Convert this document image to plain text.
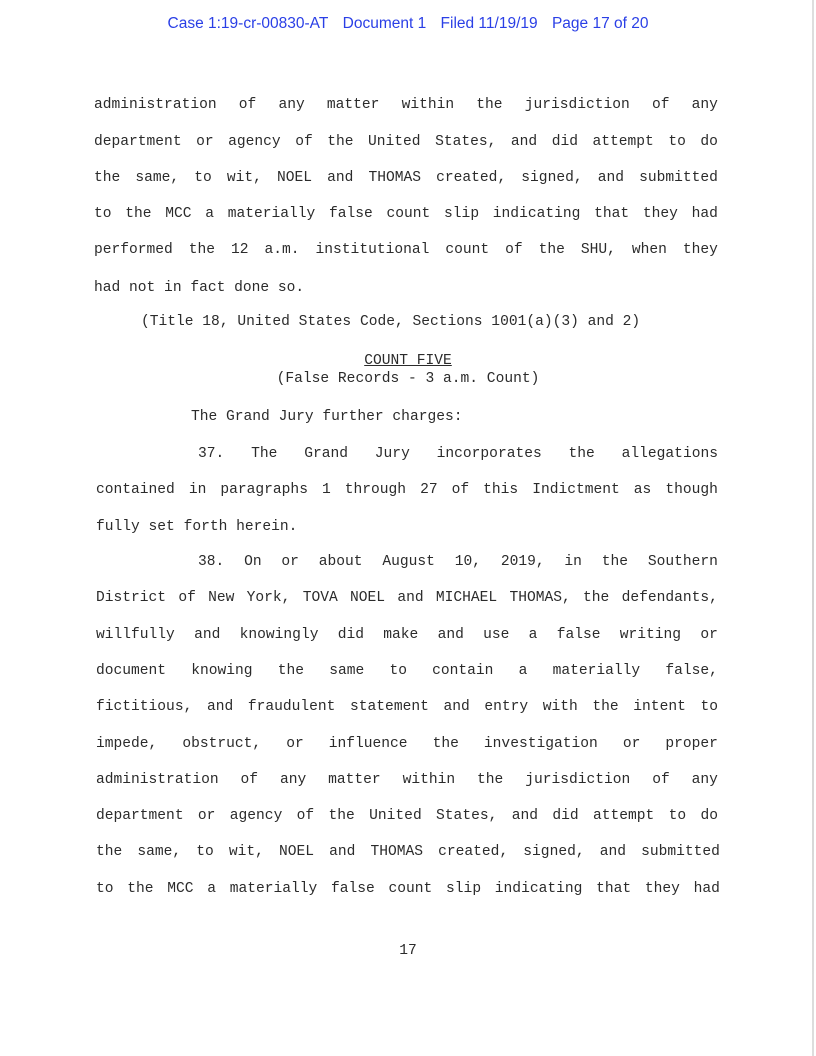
Case 1:19-cr-00830-AT Document 1 Filed 11/19/19 Page 17 of 20
administration of any matter within the jurisdiction of any
department or agency of the United States, and did attempt to do
the same, to wit, NOEL and THOMAS created, signed, and submitted
to the MCC a materially false count slip indicating that they had
performed the 12 a.m. institutional count of the SHU, when they
had not in fact done so.
(Title 18, United States Code, Sections 1001(a)(3) and 2)
COUNT FIVE
(False Records - 3 a.m. Count)
The Grand Jury further charges:
37. The Grand Jury incorporates the allegations
contained in paragraphs 1 through 27 of this Indictment as though
fully set forth herein.
38. On or about August 10, 2019, in the Southern
District of New York, TOVA NOEL and MICHAEL THOMAS, the defendants,
willfully and knowingly did make and use a false writing or
document knowing the same to contain a materially false,
fictitious, and fraudulent statement and entry with the intent to
impede, obstruct, or influence the investigation or proper
administration of any matter within the jurisdiction of any
department or agency of the United States, and did attempt to do
the same, to wit, NOEL and THOMAS created, signed, and submitted
to the MCC a materially false count slip indicating that they had
17
